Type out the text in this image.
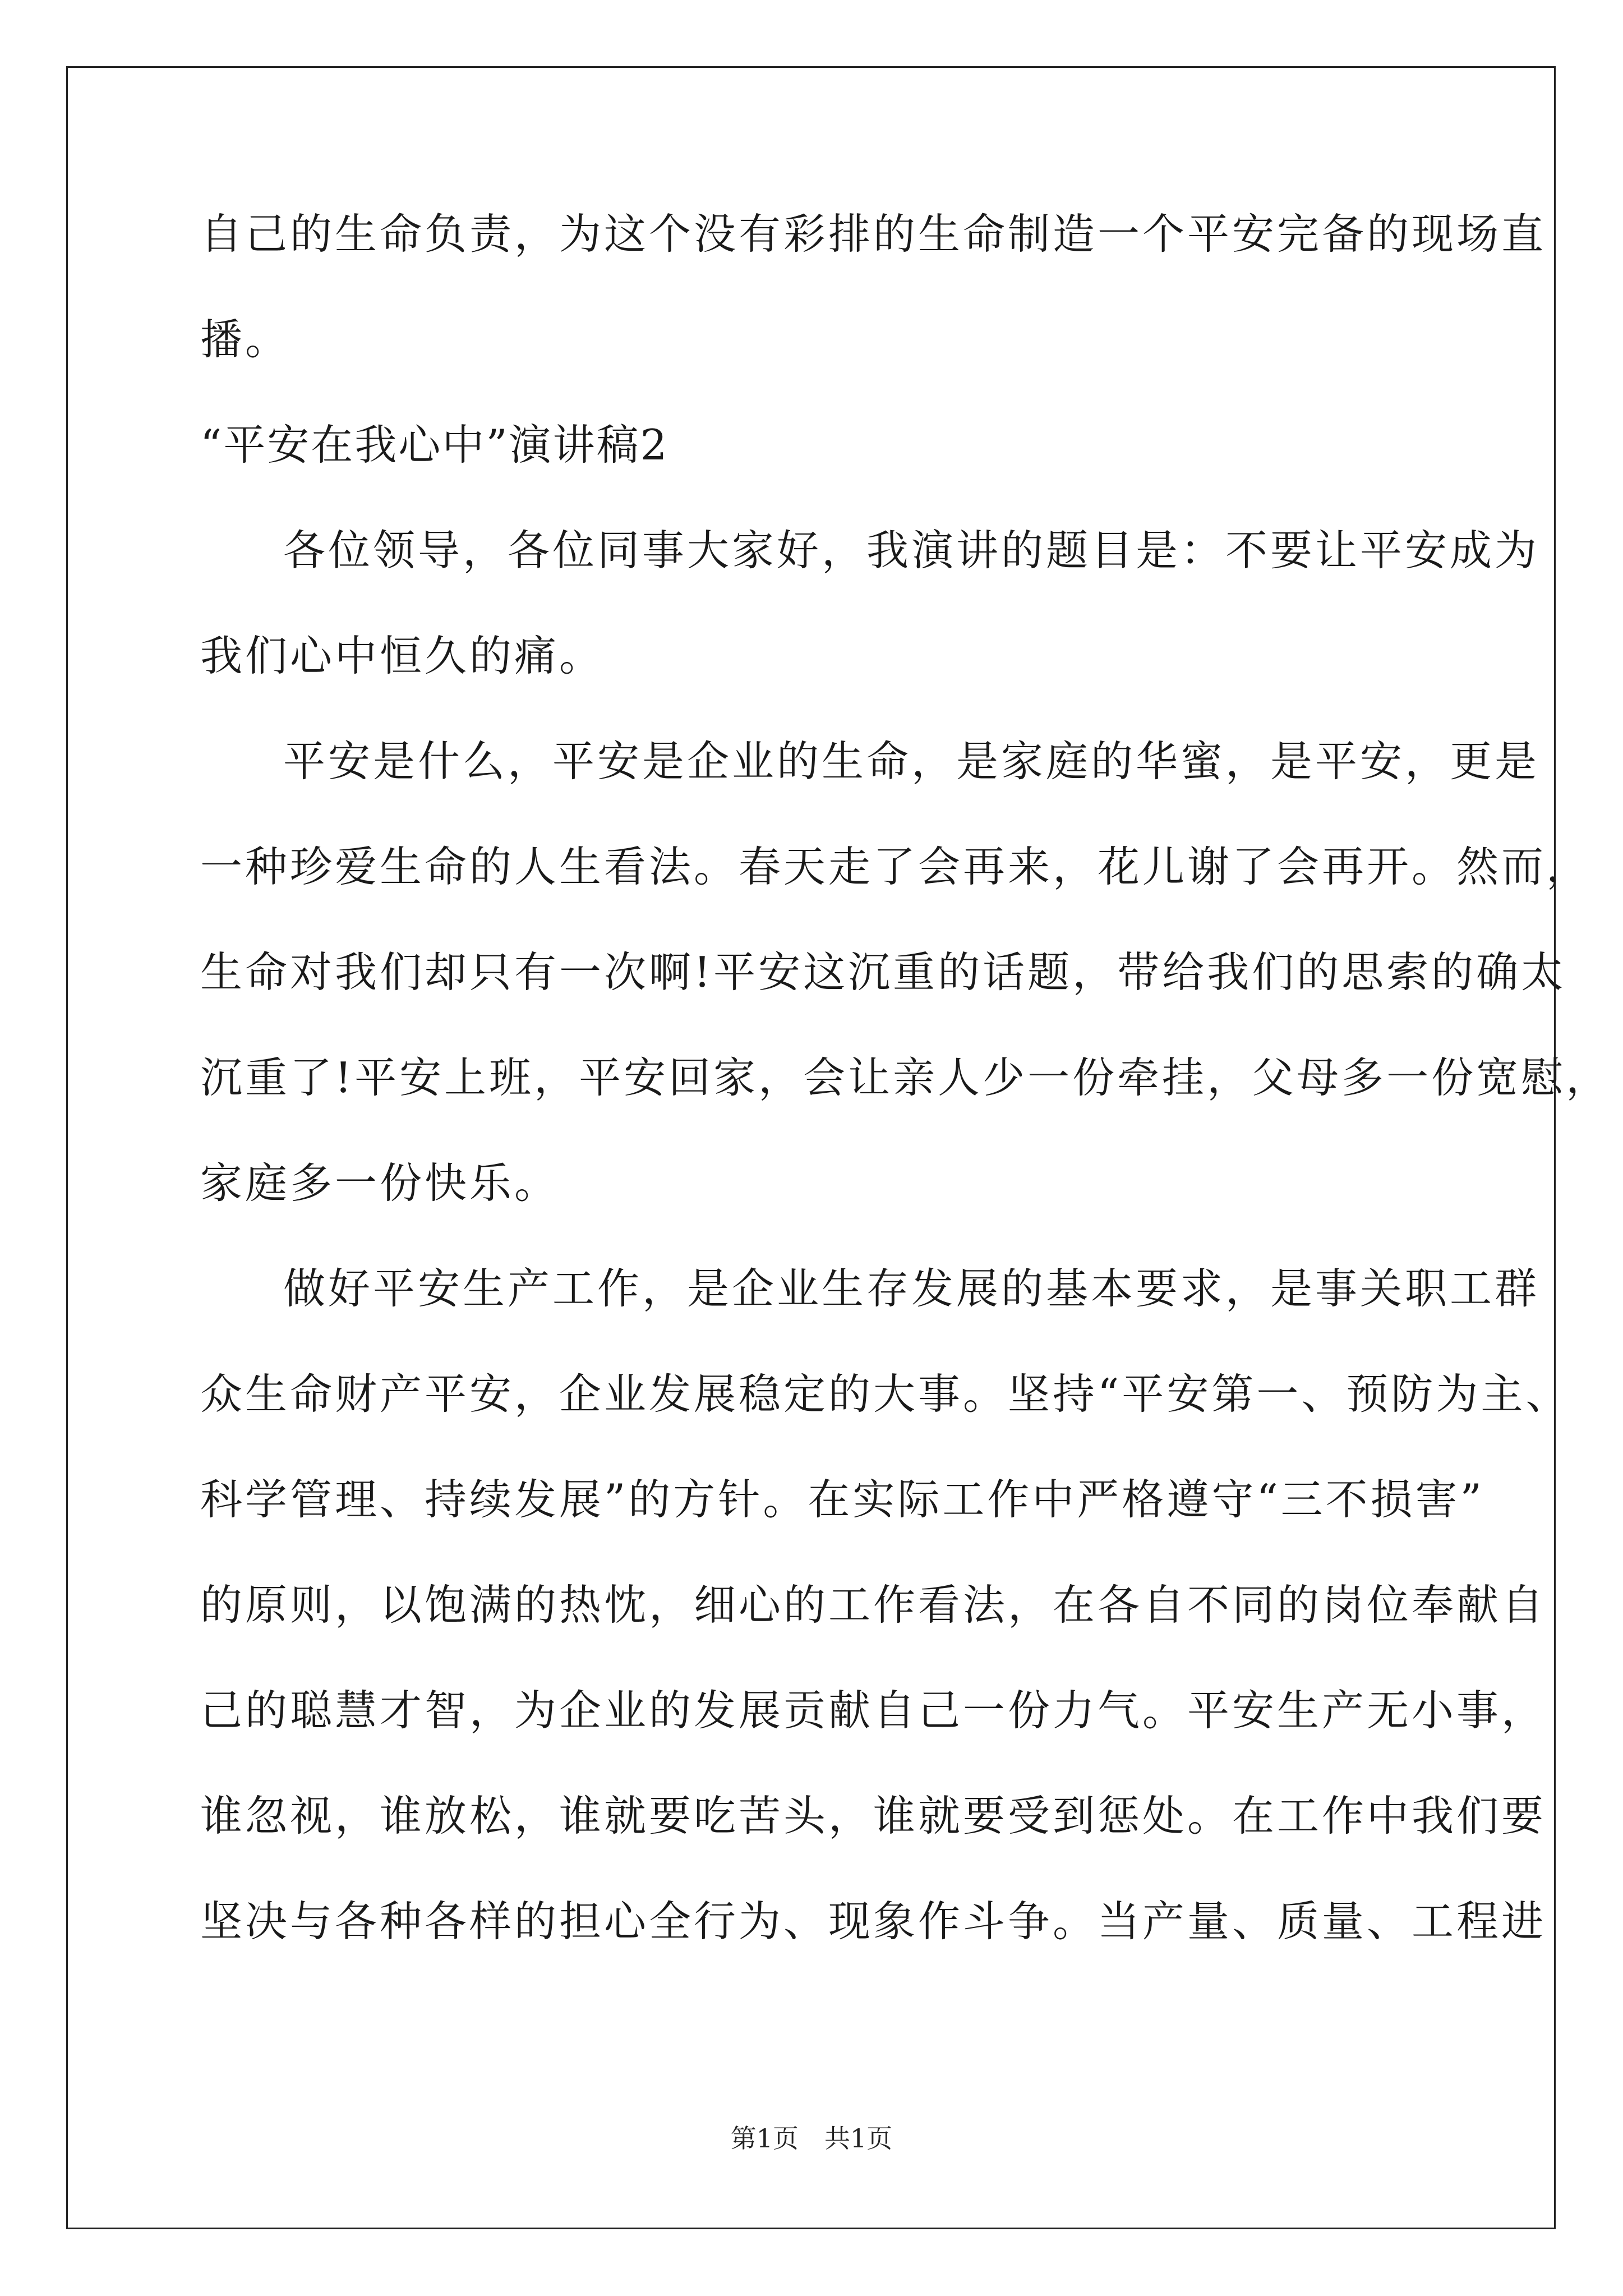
自己的生命负责，为这个没有彩排的生命制造一个平安完备的现场直
播。
“平安在我心中”演讲稿2
各位领导，各位同事大家好，我演讲的题目是：不要让平安成为
我们心中恒久的痛。
平安是什么，平安是企业的生命，是家庭的华蜜，是平安，更是
一种珍爱生命的人生看法。春天走了会再来，花儿谢了会再开。然而，
生命对我们却只有一次啊!平安这沉重的话题，带给我们的思索的确太
沉重了!平安上班，平安回家，会让亲人少一份牵挂，父母多一份宽慰，
家庭多一份快乐。
做好平安生产工作，是企业生存发展的基本要求，是事关职工群
众生命财产平安，企业发展稳定的大事。坚持“平安第一、预防为主、
科学管理、持续发展”的方针。在实际工作中严格遵守“三不损害”
的原则，以饱满的热忱，细心的工作看法，在各自不同的岗位奉献自
己的聪慧才智，为企业的发展贡献自己一份力气。平安生产无小事，
谁忽视，谁放松，谁就要吃苦头，谁就要受到惩处。在工作中我们要
坚决与各种各样的担心全行为、现象作斗争。当产量、质量、工程进
第1页　共1页
